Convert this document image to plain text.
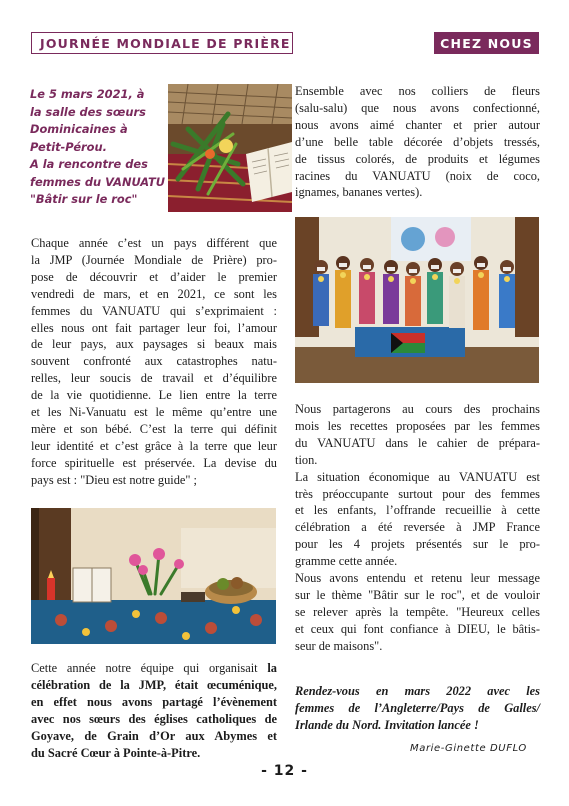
JOURNÉE MONDIALE DE PRIÈRE	CHEZ NOUS
Le 5 mars 2021, à
la salle des sœurs
Dominicaines à
Petit-Pérou.
A la rencontre des
femmes du VANUATU
"Bâtir sur le roc"
Chaque année c’est un pays différent que
la JMP (Journée Mondiale de Prière) pro-
pose de découvrir et d’aider le premier
vendredi de mars, et en 2021, ce sont les
femmes du VANUATU qui s’exprimaient :
elles nous ont fait partager leur foi, l’amour
de leur pays, aux paysages si beaux mais
souvent confronté aux catastrophes natu-
relles, leur soucis de travail et d’équilibre
de la vie quotidienne. Le lien entre la terre
et les Ni-Vanuatu est le même qu’entre une
mère et son bébé. C’est la terre qui définit
leur identité et c’est grâce à la terre que leur
force spirituelle est préservée. La devise du
pays est : "Dieu est notre guide" ;
Cette année notre équipe qui organisait la
célébration de la JMP, était œcuménique,
en effet nous avons partagé l’évènement
avec nos sœurs des églises catholiques de
Goyave, de Grain d’Or aux Abymes et
du Sacré Cœur à Pointe-à-Pitre.
Ensemble avec nos colliers de fleurs
(salu-salu) que nous avons confectionné,
nous avons aimé chanter et prier autour
d’une belle table décorée d’objets tressés,
de tissus colorés, de produits et légumes
racines du VANUATU (noix de coco,
ignames, bananes vertes).
Nous partagerons au cours des prochains
mois les recettes proposées par les femmes
du VANUATU dans le cahier de prépara-
tion.
La situation économique au VANUATU est
très préoccupante surtout pour des femmes
et les enfants, l’offrande recueillie à cette
célébration a été reversée à JMP France
pour les 4 projets présentés sur le pro-
gramme cette année.
Nous avons entendu et retenu leur message
sur le thème "Bâtir sur le roc", et de vouloir
se relever après la tempête. "Heureux celles
et ceux qui font confiance à DIEU, le bâtis-
seur de maisons".
Rendez-vous en mars 2022 avec les
femmes de l’Angleterre/Pays de Galles/
Irlande du Nord. Invitation lancée !
Marie-Ginette DUFLO
- 12 -
